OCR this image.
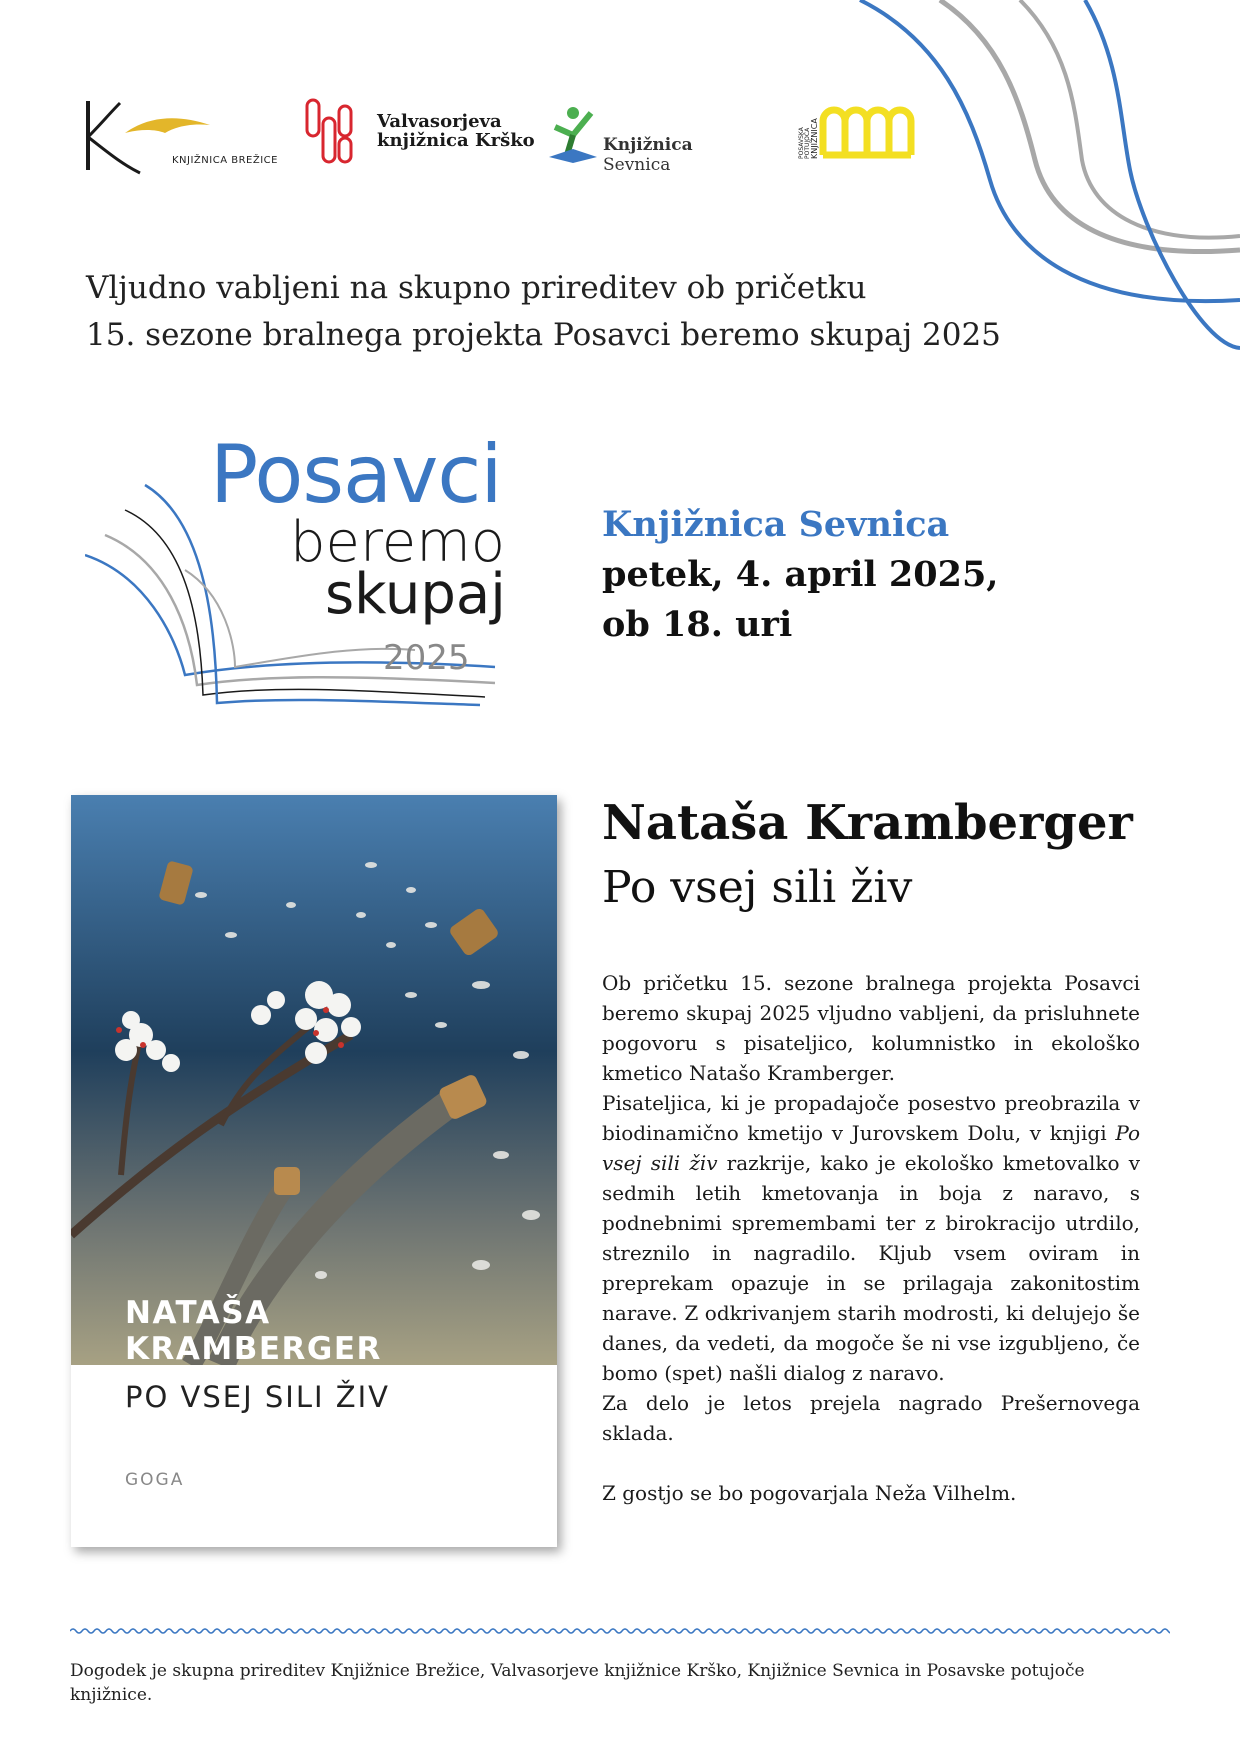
KNJIŽNICA BREŽICE
Valvasorjeva
knjižnica Krško	Knjižnica Sevnica
POSAVSKA POTUJOČA KNJIŽNICA
Vljudno vabljeni na skupno prireditev ob pričetku
15. sezone bralnega projekta Posavci beremo skupaj 2025
Posavci
beremo
skupaj
2025
Knjižnica Sevnica
petek, 4. april 2025,
ob 18. uri
NATAŠA
KRAMBERGER
PO VSEJ SILI ŽIV
GOGA
Nataša Kramberger
Po vsej sili živ

Ob pričetku 15. sezone bralnega projekta Posavci beremo skupaj 2025 vljudno vabljeni, da prisluhnete pogovoru s pisateljico, kolumnistko in ekološko kmetico Natašo Kramberger.

Pisateljica, ki je propadajoče posestvo preobrazila v biodinamično kmetijo v Jurovskem Dolu, v knjigi Po vsej sili živ razkrije, kako je ekološko kmetovalko v sedmih letih kmetovanja in boja z naravo, s podnebnimi spremembami ter z birokracijo utrdilo, streznilo in nagradilo. Kljub vsem oviram in preprekam opazuje in se prilagaja zakonitostim narave. Z odkrivanjem starih modrosti, ki delujejo še danes, da vedeti, da mogoče še ni vse izgubljeno, če bomo (spet) našli dialog z naravo.

Za delo je letos prejela nagrado Prešernovega sklada.

Z gostjo se bo pogovarjala Neža Vilhelm.

Dogodek je skupna prireditev Knjižnice Brežice, Valvasorjeve knjižnice Krško, Knjižnice Sevnica in Posavske potujoče knjižnice.
